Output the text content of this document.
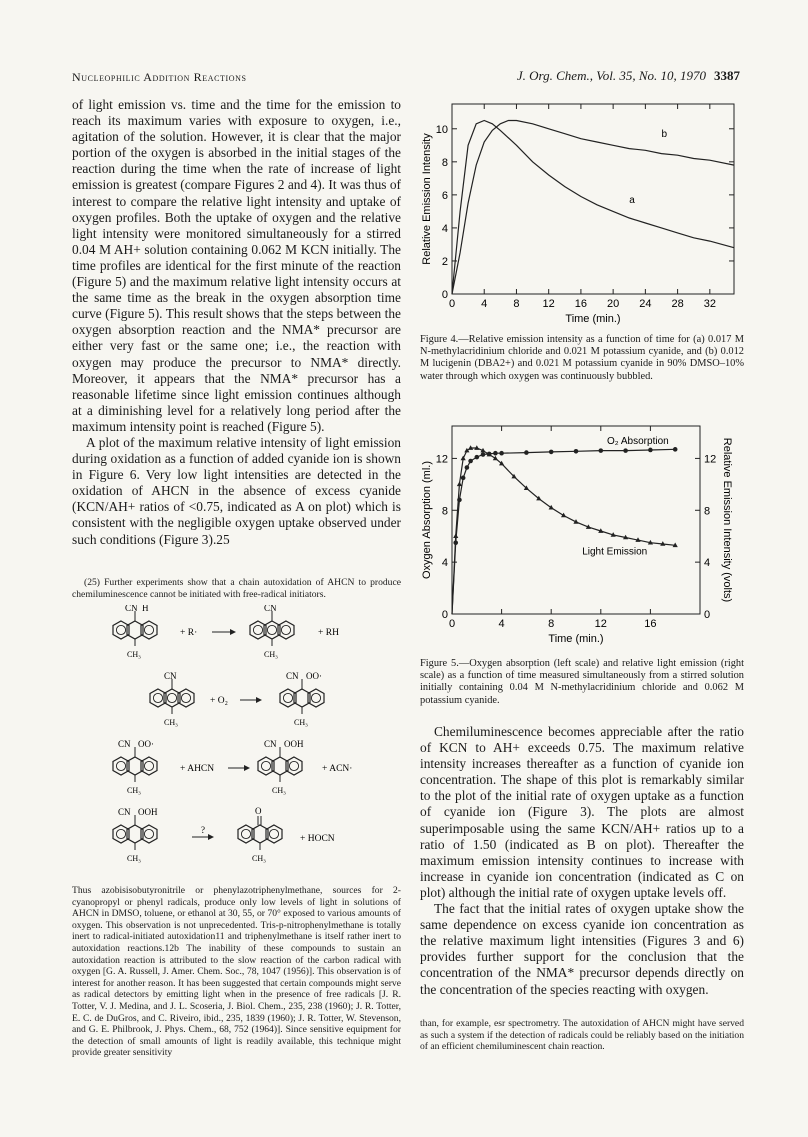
Nucleophilic Addition Reactions	J. Org. Chem., Vol. 35, No. 10, 1970 3387

of light emission vs. time and the time for the emission to reach its maximum varies with exposure to oxygen, i.e., agitation of the solution. However, it is clear that the major portion of the oxygen is absorbed in the initial stages of the reaction during the time when the rate of increase of light emission is greatest (compare Figures 2 and 4). It was thus of interest to compare the relative light intensity and uptake of oxygen profiles. Both the uptake of oxygen and the relative light intensity were monitored simultaneously for a stirred 0.04 M AH+ solution containing 0.062 M KCN initially. The time profiles are identical for the first minute of the reaction (Figure 5) and the maximum relative light intensity occurs at the same time as the break in the oxygen absorption time curve (Figure 5). This result shows that the steps between the oxygen absorption reaction and the NMA* precursor are either very fast or the same one; i.e., the reaction with oxygen may produce the precursor to NMA* directly. Moreover, it appears that the NMA* precursor has a reasonable lifetime since light emission continues although at a diminishing level for a relatively long period after the maximum intensity point is reached (Figure 5).

A plot of the maximum relative intensity of light emission during oxidation as a function of added cyanide ion is shown in Figure 6. Very low light intensities are detected in the oxidation of AHCN in the absence of excess cyanide (KCN/AH+ ratios of <0.75, indicated as A on plot) which is consistent with the negligible oxygen uptake observed under such conditions (Figure 3).25

(25) Further experiments show that a chain autoxidation of AHCN to produce chemiluminescence cannot be initiated with free-radical initiators.
CN H
CH₃
+ R·
CN
CH₃
+ RH
CN
CH₃
+ O₂
CN OO·
CH₃
CN OO·
CH₃
+ AHCN
CN OOH
CH₃
+ ACN·
CN OOH
CH₃
?
O
CH₃
+ HOCN
Thus azobisisobutyronitrile or phenylazotriphenylmethane, sources for 2-cyanopropyl or phenyl radicals, produce only low levels of light in solutions of AHCN in DMSO, toluene, or ethanol at 30, 55, or 70° exposed to various amounts of oxygen. This observation is not unprecedented. Tris-p-nitrophenylmethane is totally inert to radical-initiated autoxidation11 and triphenylmethane is itself rather inert to autoxidation reactions.12b The inability of these compounds to sustain an autoxidation reaction is attributed to the slow reaction of the carbon radical with oxygen [G. A. Russell, J. Amer. Chem. Soc., 78, 1047 (1956)]. This observation is of interest for another reason. It has been suggested that certain compounds might serve as radical detectors by emitting light when in the presence of free radicals [J. R. Totter, V. J. Medina, and J. L. Scoseria, J. Biol. Chem., 235, 238 (1960); J. R. Totter, E. C. de DuGros, and C. Riveiro, ibid., 235, 1839 (1960); J. R. Totter, W. Stevenson, and G. E. Philbrook, J. Phys. Chem., 68, 752 (1964)]. Since sensitive equipment for the detection of small amounts of light is readily available, this technique might provide greater sensitivity
0 4 8 12 16 20 24 28 32
0
2
4
6
8
10
Time (min.)
Relative Emission Intensity	a
b
Figure 4.—Relative emission intensity as a function of time for (a) 0.017 M N-methylacridinium chloride and 0.021 M potassium cyanide, and (b) 0.012 M lucigenin (DBA2+) and 0.021 M potassium cyanide in 90% DMSO–10% water through which oxygen was continuously bubbled.
0	4	8	12	16
0
4
8
12
0
4
8
12
Time (min.)
Oxygen Absorption (ml.)	Relative Emission Intensity (volts)
O₂ Absorption
Light Emission
Figure 5.—Oxygen absorption (left scale) and relative light emission (right scale) as a function of time measured simultaneously from a stirred solution initially containing 0.04 M N-methylacridinium chloride and 0.062 M potassium cyanide.

Chemiluminescence becomes appreciable after the ratio of KCN to AH+ exceeds 0.75. The maximum relative intensity increases thereafter as a function of cyanide ion concentration. The shape of this plot is remarkably similar to the plot of the initial rate of oxygen uptake as a function of cyanide ion (Figure 3). The plots are almost superimposable using the same KCN/AH+ ratios up to a ratio of 1.50 (indicated as B on plot). Thereafter the maximum emission intensity continues to increase with increase in cyanide ion concentration (indicated as C on plot) although the initial rate of oxygen uptake levels off.

The fact that the initial rates of oxygen uptake show the same dependence on excess cyanide ion concentration as the relative maximum light intensities (Figures 3 and 6) provides further support for the conclusion that the concentration of the NMA* precursor depends directly on the concentration of the species reacting with oxygen.

than, for example, esr spectrometry. The autoxidation of AHCN might have served as such a system if the detection of radicals could be reliably based on the initiation of an efficient chemiluminescent chain reaction.
